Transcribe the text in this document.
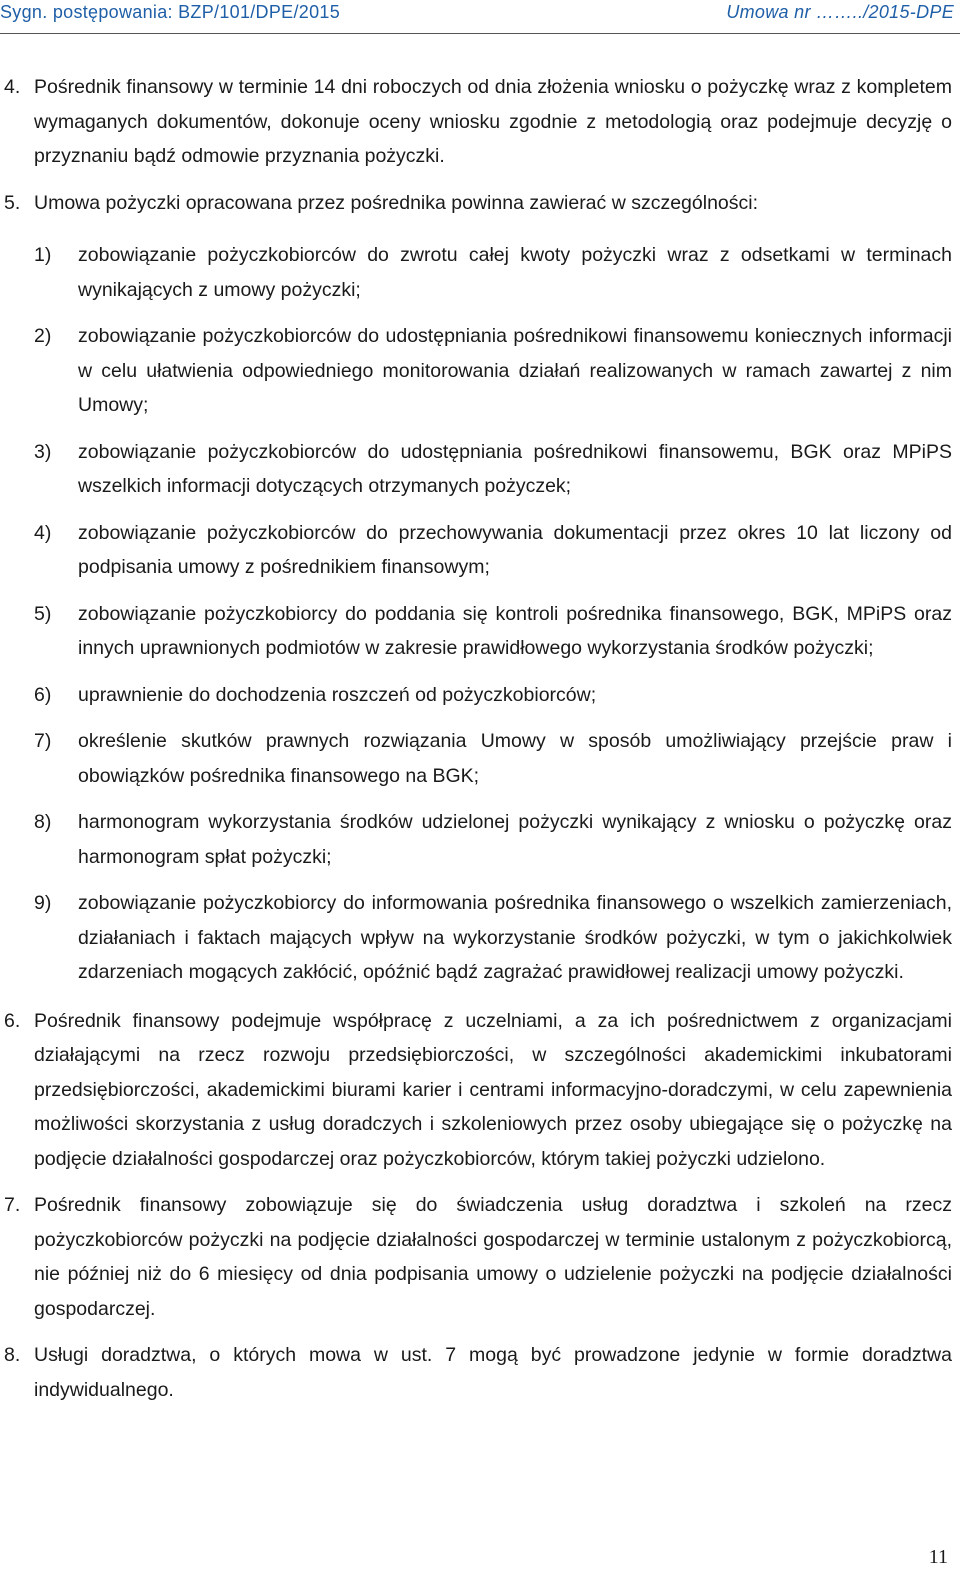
Sygn. postępowania: BZP/101/DPE/2015	Umowa nr ……../2015-DPE

4. Pośrednik finansowy w terminie 14 dni roboczych od dnia złożenia wniosku o pożyczkę wraz z kompletem wymaganych dokumentów, dokonuje oceny wniosku zgodnie z metodologią oraz podejmuje decyzję o przyznaniu bądź odmowie przyznania pożyczki.

5. Umowa pożyczki opracowana przez pośrednika powinna zawierać w szczególności:

1) zobowiązanie pożyczkobiorców do zwrotu całej kwoty pożyczki wraz z odsetkami w terminach wynikających z umowy pożyczki;

2) zobowiązanie pożyczkobiorców do udostępniania pośrednikowi finansowemu koniecznych informacji w celu ułatwienia odpowiedniego monitorowania działań realizowanych w ramach zawartej z nim Umowy;

3) zobowiązanie pożyczkobiorców do udostępniania pośrednikowi finansowemu, BGK oraz MPiPS wszelkich informacji dotyczących otrzymanych pożyczek;

4) zobowiązanie pożyczkobiorców do przechowywania dokumentacji przez okres 10 lat liczony od podpisania umowy z pośrednikiem finansowym;

5) zobowiązanie pożyczkobiorcy do poddania się kontroli pośrednika finansowego, BGK, MPiPS oraz innych uprawnionych podmiotów w zakresie prawidłowego wykorzystania środków pożyczki;

6) uprawnienie do dochodzenia roszczeń od pożyczkobiorców;

7) określenie skutków prawnych rozwiązania Umowy w sposób umożliwiający przejście praw i obowiązków pośrednika finansowego na BGK;

8) harmonogram wykorzystania środków udzielonej pożyczki wynikający z wniosku o pożyczkę oraz harmonogram spłat pożyczki;

9) zobowiązanie pożyczkobiorcy do informowania pośrednika finansowego o wszelkich zamierzeniach, działaniach i faktach mających wpływ na wykorzystanie środków pożyczki, w tym o jakichkolwiek zdarzeniach mogących zakłócić, opóźnić bądź zagrażać prawidłowej realizacji umowy pożyczki.

6. Pośrednik finansowy podejmuje współpracę z uczelniami, a za ich pośrednictwem z organizacjami działającymi na rzecz rozwoju przedsiębiorczości, w szczególności akademickimi inkubatorami przedsiębiorczości, akademickimi biurami karier i centrami informacyjno-doradczymi, w celu zapewnienia możliwości skorzystania z usług doradczych i szkoleniowych przez osoby ubiegające się o pożyczkę na podjęcie działalności gospodarczej oraz pożyczkobiorców, którym takiej pożyczki udzielono.

7. Pośrednik finansowy zobowiązuje się do świadczenia usług doradztwa i szkoleń na rzecz pożyczkobiorców pożyczki na podjęcie działalności gospodarczej w terminie ustalonym z pożyczkobiorcą, nie później niż do 6 miesięcy od dnia podpisania umowy o udzielenie pożyczki na podjęcie działalności gospodarczej.

8. Usługi doradztwa, o których mowa w ust. 7 mogą być prowadzone jedynie w formie doradztwa indywidualnego.

11
